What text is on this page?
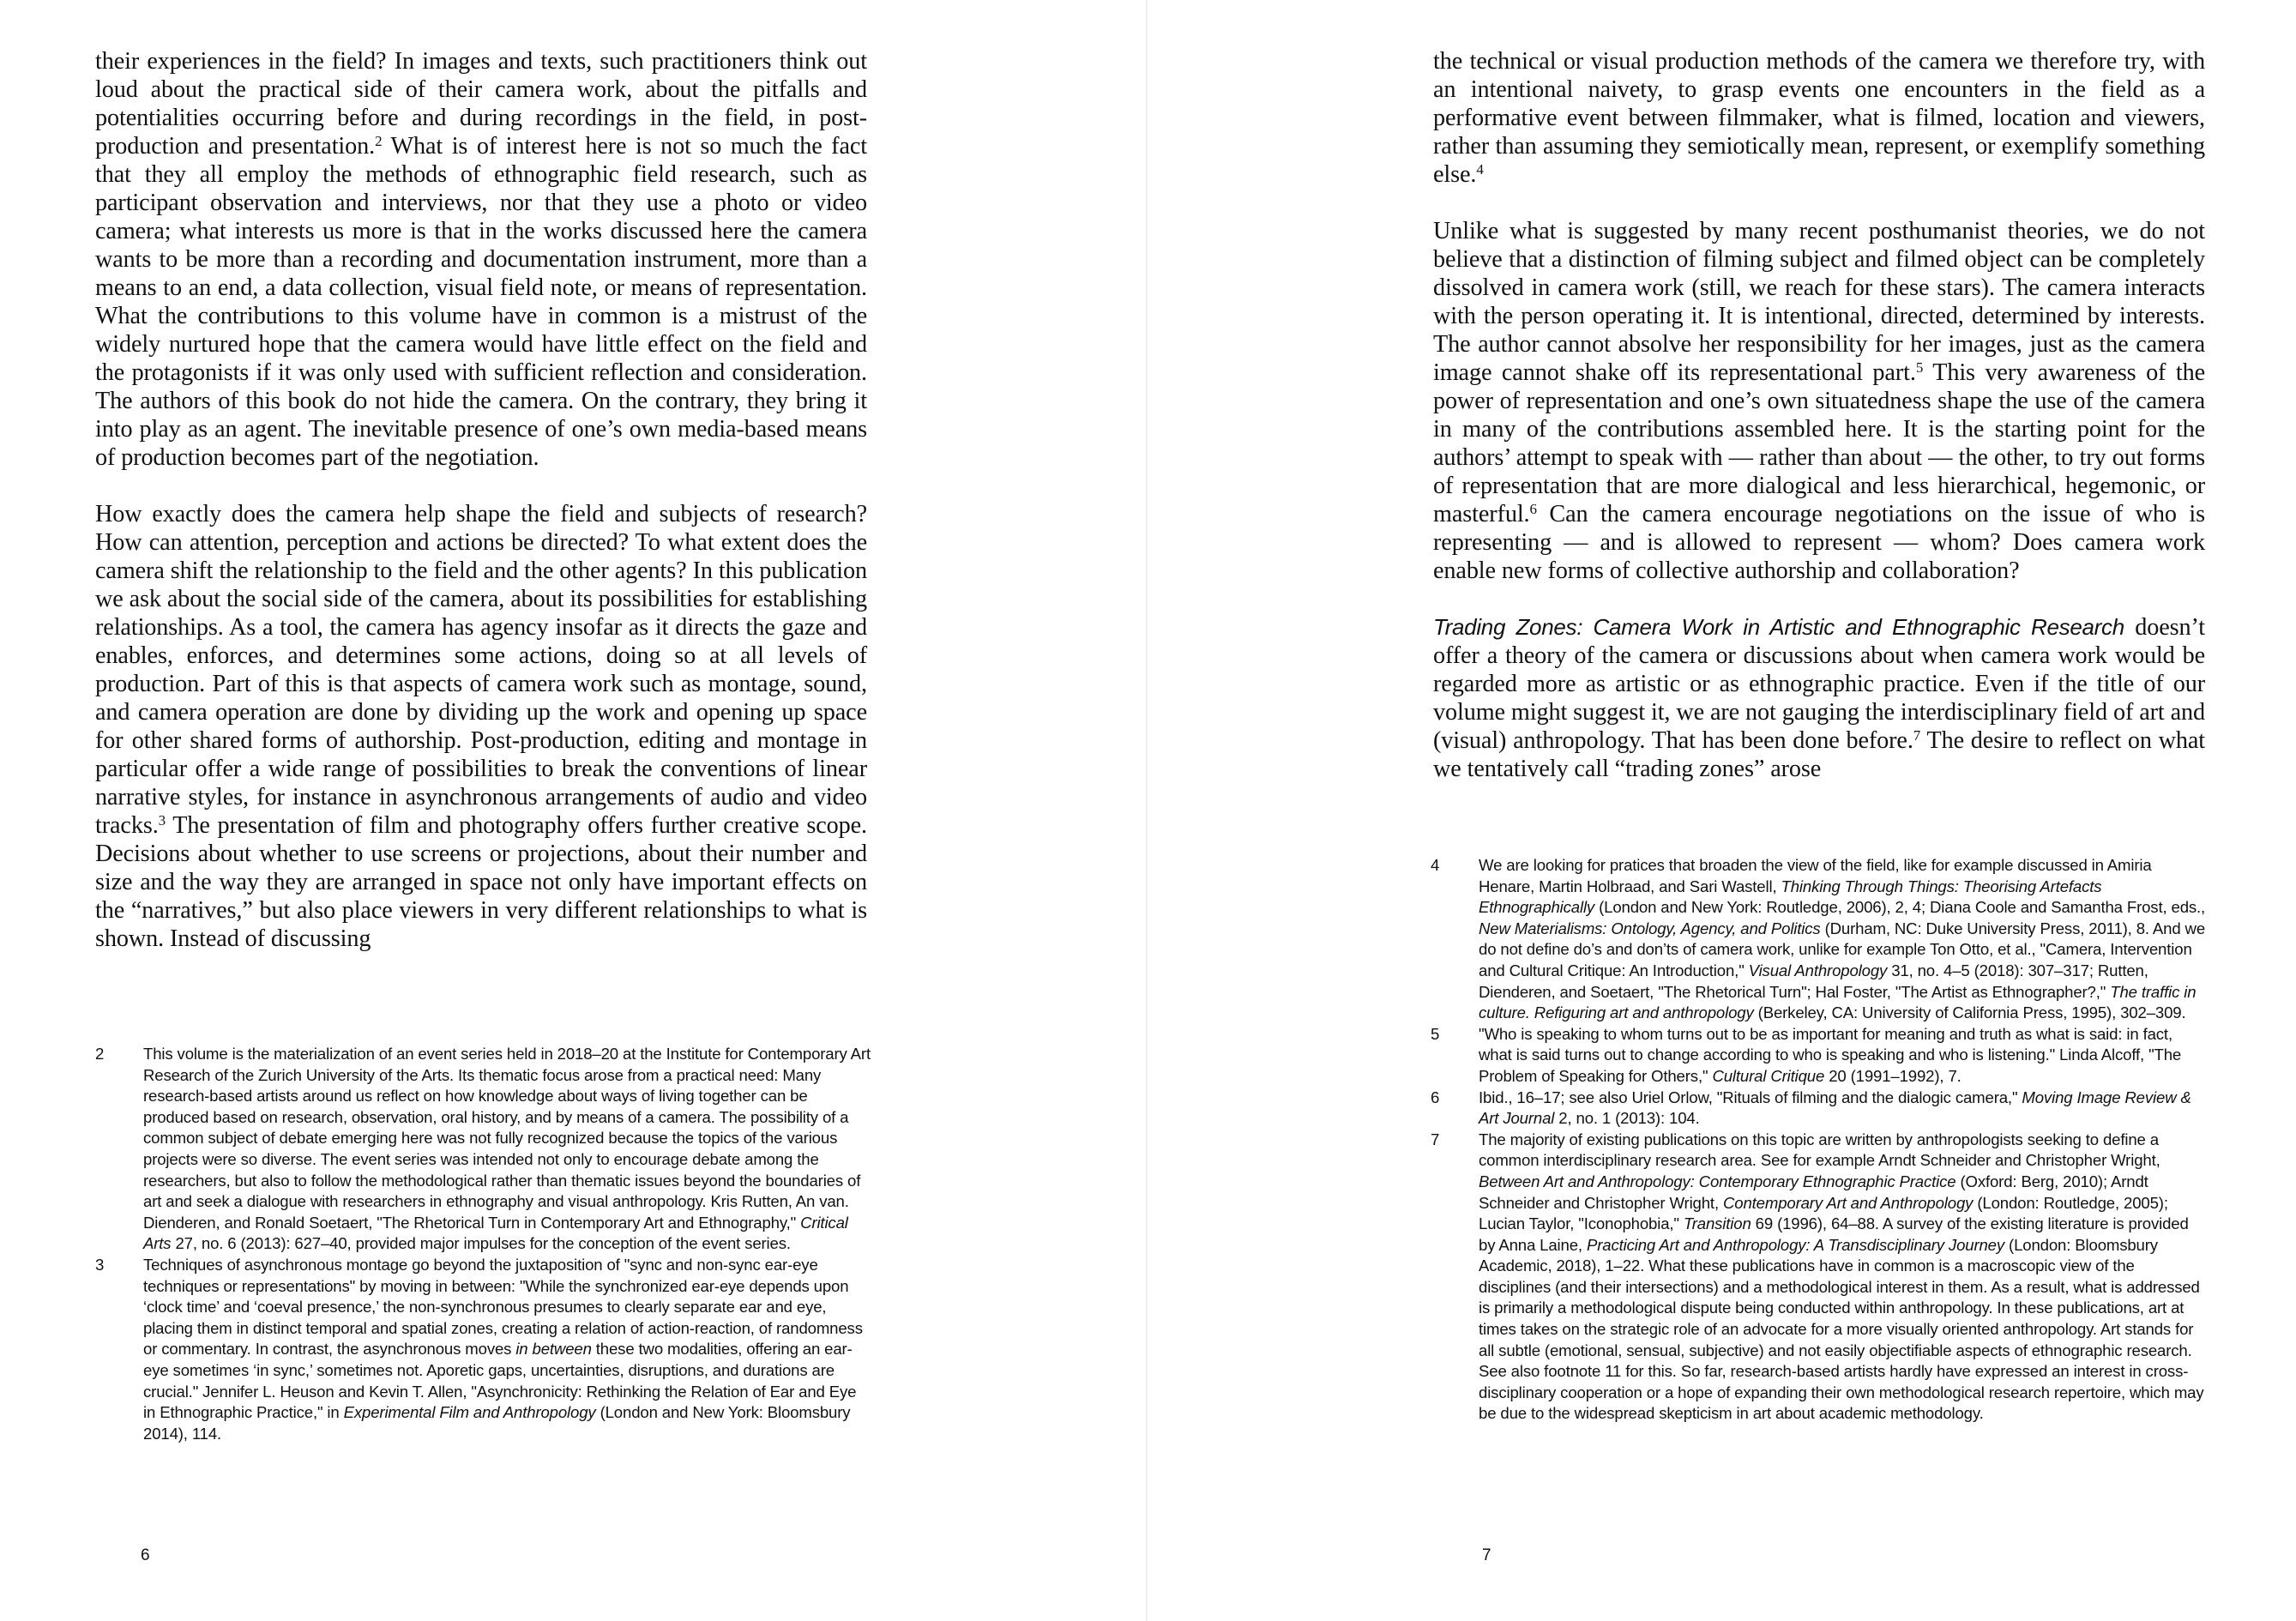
their experiences in the field? In images and texts, such practitioners think out loud about the practical side of their camera work, about the pitfalls and potentialities occurring before and during recordings in the field, in post-production and presentation.$^2$ What is of interest here is not so much the fact that they all employ the methods of ethnographic field research, such as participant observation and interviews, nor that they use a photo or video camera; what interests us more is that in the works discussed here the camera wants to be more than a recording and documentation instrument, more than a means to an end, a data collection, visual field note, or means of representation. What the contributions to this volume have in common is a mistrust of the widely nurtured hope that the camera would have little effect on the field and the protagonists if it was only used with sufficient reflection and consideration. The authors of this book do not hide the camera. On the contrary, they bring it into play as an agent. The inevitable presence of one’s own media-based means of production becomes part of the negotiation.

How exactly does the camera help shape the field and subjects of research? How can attention, perception and actions be directed? To what extent does the camera shift the relationship to the field and the other agents? In this publication we ask about the social side of the camera, about its possibilities for establishing relationships. As a tool, the camera has agency insofar as it directs the gaze and enables, enforces, and determines some actions, doing so at all levels of production. Part of this is that aspects of camera work such as montage, sound, and camera operation are done by dividing up the work and opening up space for other shared forms of authorship. Post-production, editing and montage in particular offer a wide range of possibilities to break the conventions of linear narrative styles, for instance in asynchronous arrangements of audio and video tracks.$^3$ The presentation of film and photography offers further creative scope. Decisions about whether to use screens or projections, about their number and size and the way they are arranged in space not only have important effects on the “narratives,” but also place viewers in very different relationships to what is shown. Instead of discussing

2	This volume is the materialization of an event series held in 2018–20 at the Institute for Contemporary Art Research of the Zurich University of the Arts. Its thematic focus arose from a practical need: Many research-based artists around us reflect on how knowledge about ways of living together can be produced based on research, observation, oral history, and by means of a camera. The possibility of a common subject of debate emerging here was not fully recognized because the topics of the various projects were so diverse. The event series was intended not only to encourage debate among the researchers, but also to follow the methodological rather than thematic issues beyond the boundaries of art and seek a dialogue with researchers in ethnography and visual anthropology. Kris Rutten, An van. Dienderen, and Ronald Soetaert, "The Rhetorical Turn in Contemporary Art and Ethnography," Critical Arts 27, no. 6 (2013): 627–40, provided major impulses for the conception of the event series.
3	Techniques of asynchronous montage go beyond the juxtaposition of "sync and non-sync ear-eye techniques or representations" by moving in between: "While the synchronized ear-eye depends upon ‘clock time’ and ‘coeval presence,’ the non-synchronous presumes to clearly separate ear and eye, placing them in distinct temporal and spatial zones, creating a relation of action-reaction, of randomness or commentary. In contrast, the asynchronous moves in between these two modalities, offering an ear-eye sometimes ‘in sync,’ sometimes not. Aporetic gaps, uncertainties, disruptions, and durations are crucial." Jennifer L. Heuson and Kevin T. Allen, "Asynchronicity: Rethinking the Relation of Ear and Eye in Ethnographic Practice," in Experimental Film and Anthropology (London and New York: Bloomsbury 2014), 114.
6

the technical or visual production methods of the camera we therefore try, with an intentional naivety, to grasp events one encounters in the field as a performative event between filmmaker, what is filmed, location and viewers, rather than assuming they semiotically mean, represent, or exemplify something else.$^4$

Unlike what is suggested by many recent posthumanist theories, we do not believe that a distinction of filming subject and filmed object can be completely dissolved in camera work (still, we reach for these stars). The camera interacts with the person operating it. It is intentional, directed, determined by interests. The author cannot absolve her responsibility for her images, just as the camera image cannot shake off its representational part.$^5$ This very awareness of the power of representation and one’s own situatedness shape the use of the camera in many of the contributions assembled here. It is the starting point for the authors’ attempt to speak with — rather than about — the other, to try out forms of representation that are more dialogical and less hierarchical, hegemonic, or masterful.$^6$ Can the camera encourage negotiations on the issue of who is representing — and is allowed to represent — whom? Does camera work enable new forms of collective authorship and collaboration?

Trading Zones: Camera Work in Artistic and Ethnographic Research doesn’t offer a theory of the camera or discussions about when camera work would be regarded more as artistic or as ethnographic practice. Even if the title of our volume might suggest it, we are not gauging the interdisciplinary field of art and (visual) anthropology. That has been done before.$^7$ The desire to reflect on what we tentatively call “trading zones” arose

4	We are looking for pratices that broaden the view of the field, like for example discussed in Amiria Henare, Martin Holbraad, and Sari Wastell, Thinking Through Things: Theorising Artefacts Ethnographically (London and New York: Routledge, 2006), 2, 4; Diana Coole and Samantha Frost, eds., New Materialisms: Ontology, Agency, and Politics (Durham, NC: Duke University Press, 2011), 8. And we do not define do’s and don’ts of camera work, unlike for example Ton Otto, et al., "Camera, Intervention and Cultural Critique: An Introduction," Visual Anthropology 31, no. 4–5 (2018): 307–317; Rutten, Dienderen, and Soetaert, "The Rhetorical Turn"; Hal Foster, "The Artist as Ethnographer?," The traffic in culture. Refiguring art and anthropology (Berkeley, CA: University of California Press, 1995), 302–309.
5	"Who is speaking to whom turns out to be as important for meaning and truth as what is said: in fact, what is said turns out to change according to who is speaking and who is listening." Linda Alcoff, "The Problem of Speaking for Others," Cultural Critique 20 (1991–1992), 7.
6	Ibid., 16–17; see also Uriel Orlow, "Rituals of filming and the dialogic camera," Moving Image Review & Art Journal 2, no. 1 (2013): 104.
7	The majority of existing publications on this topic are written by anthropologists seeking to define a common interdisciplinary research area. See for example Arndt Schneider and Christopher Wright, Between Art and Anthropology: Contemporary Ethnographic Practice (Oxford: Berg, 2010); Arndt Schneider and Christopher Wright, Contemporary Art and Anthropology (London: Routledge, 2005); Lucian Taylor, "Iconophobia," Transition 69 (1996), 64–88. A survey of the existing literature is provided by Anna Laine, Practicing Art and Anthropology: A Transdisciplinary Journey (London: Bloomsbury Academic, 2018), 1–22. What these publications have in common is a macroscopic view of the disciplines (and their intersections) and a methodological interest in them. As a result, what is addressed is primarily a methodological dispute being conducted within anthropology. In these publications, art at times takes on the strategic role of an advocate for a more visually oriented anthropology. Art stands for all subtle (emotional, sensual, subjective) and not easily objectifiable aspects of ethnographic research. See also footnote 11 for this. So far, research-based artists hardly have expressed an interest in cross-disciplinary cooperation or a hope of expanding their own methodological research repertoire, which may be due to the widespread skepticism in art about academic methodology.
7
